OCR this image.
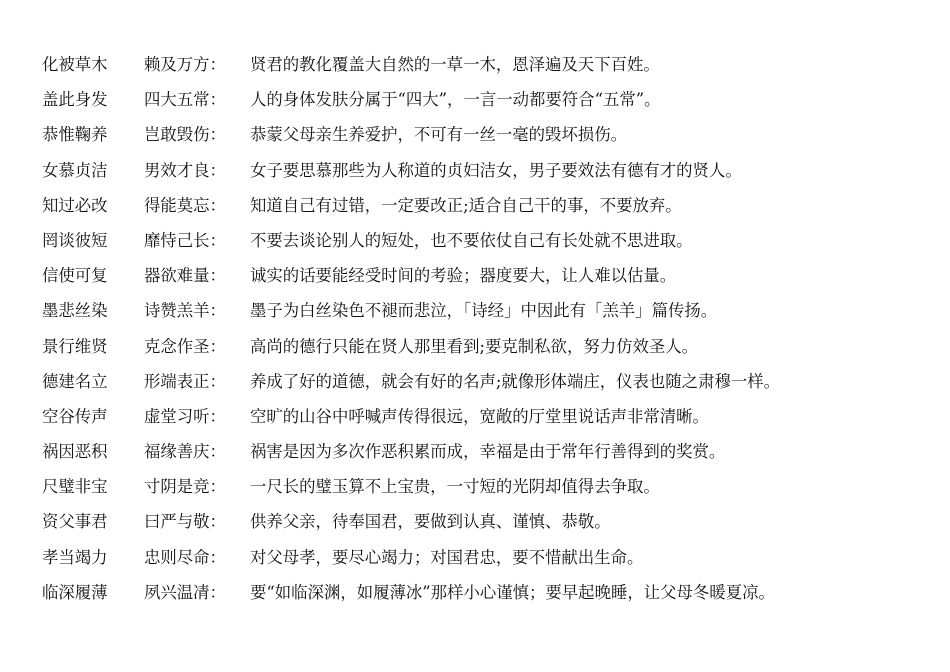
化被草木 赖及万方： 贤君的教化覆盖大自然的一草一木，恩泽遍及天下百姓。
盖此身发 四大五常： 人的身体发肤分属于“四大”，一言一动都要符合“五常”。
恭惟鞠养 岂敢毁伤： 恭蒙父母亲生养爱护，不可有一丝一毫的毁坏损伤。
女慕贞洁 男效才良： 女子要思慕那些为人称道的贞妇洁女，男子要效法有德有才的贤人。
知过必改 得能莫忘： 知道自己有过错，一定要改正;适合自己干的事，不要放弃。
罔谈彼短 靡恃己长： 不要去谈论别人的短处，也不要依仗自己有长处就不思进取。
信使可复 器欲难量： 诚实的话要能经受时间的考验；器度要大，让人难以估量。
墨悲丝染 诗赞羔羊： 墨子为白丝染色不褪而悲泣，「诗经」中因此有「羔羊」篇传扬。
景行维贤 克念作圣： 高尚的德行只能在贤人那里看到;要克制私欲，努力仿效圣人。
德建名立 形端表正： 养成了好的道德，就会有好的名声;就像形体端庄，仪表也随之肃穆一样。
空谷传声 虚堂习听： 空旷的山谷中呼喊声传得很远，宽敞的厅堂里说话声非常清晰。
祸因恶积 福缘善庆： 祸害是因为多次作恶积累而成，幸福是由于常年行善得到的奖赏。
尺璧非宝 寸阴是竞： 一尺长的璧玉算不上宝贵，一寸短的光阴却值得去争取。
资父事君 曰严与敬： 供养父亲，待奉国君，要做到认真、谨慎、恭敬。
孝当竭力 忠则尽命： 对父母孝，要尽心竭力；对国君忠，要不惜献出生命。
临深履薄 夙兴温凊： 要“如临深渊，如履薄冰”那样小心谨慎；要早起晚睡，让父母冬暖夏凉。
